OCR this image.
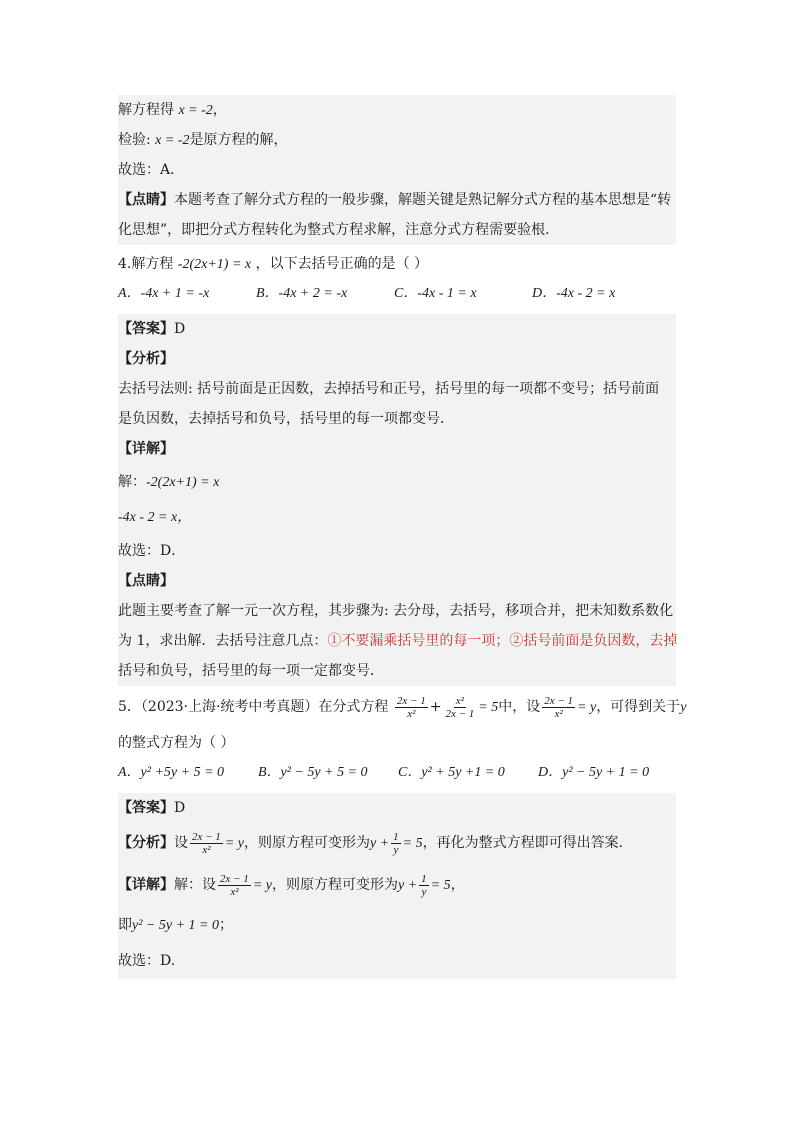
解方程得 x = -2，
检验: x = -2是原方程的解，
故选：A．
【点睛】本题考查了解分式方程的一般步骤，解题关键是熟记解分式方程的基本思想是“转
化思想”，即把分式方程转化为整式方程求解，注意分式方程需要验根．
4.解方程 -2(2x+1) = x ，以下去括号正确的是（ ）
A．-4x + 1 = -x	B．-4x + 2 = -x	C．-4x - 1 = x	D．-4x - 2 = x
【答案】D
【分析】
去括号法则: 括号前面是正因数，去掉括号和正号，括号里的每一项都不变号；括号前面
是负因数，去掉括号和负号，括号里的每一项都变号．
【详解】
解：-2(2x+1) = x
-4x - 2 = x，
故选：D．
【点睛】
此题主要考查了解一元一次方程，其步骤为: 去分母，去括号，移项合并，把未知数系数化
为 1，求出解．去括号注意几点：①不要漏乘括号里的每一项；②括号前面是负因数，去掉
括号和负号，括号里的每一项一定都变号．
5．（2023·上海·统考中考真题）在分式方程 $\frac{2x - 1}{\text{x²}} + \frac{\text{x²}}{2x - 1} = 5$中，设 $\frac{2x - 1}{\text{x²}} = y$，可得到关于y
的整式方程为（ ）
A．y² +5y + 5 = 0	B．y² − 5y + 5 = 0	C．y² + 5y +1 = 0	D．y² − 5y + 1 = 0
【答案】D
【分析】设 $\frac{2x - 1}{\text{x²}} = y$，则原方程可变形为$y + \frac{1}{y} = 5$，再化为整式方程即可得出答案.
【详解】解：设 $\frac{2x - 1}{\text{x²}} = y$，则原方程可变形为$y + \frac{1}{y} = 5$，
即y² − 5y + 1 = 0；
故选：D.
